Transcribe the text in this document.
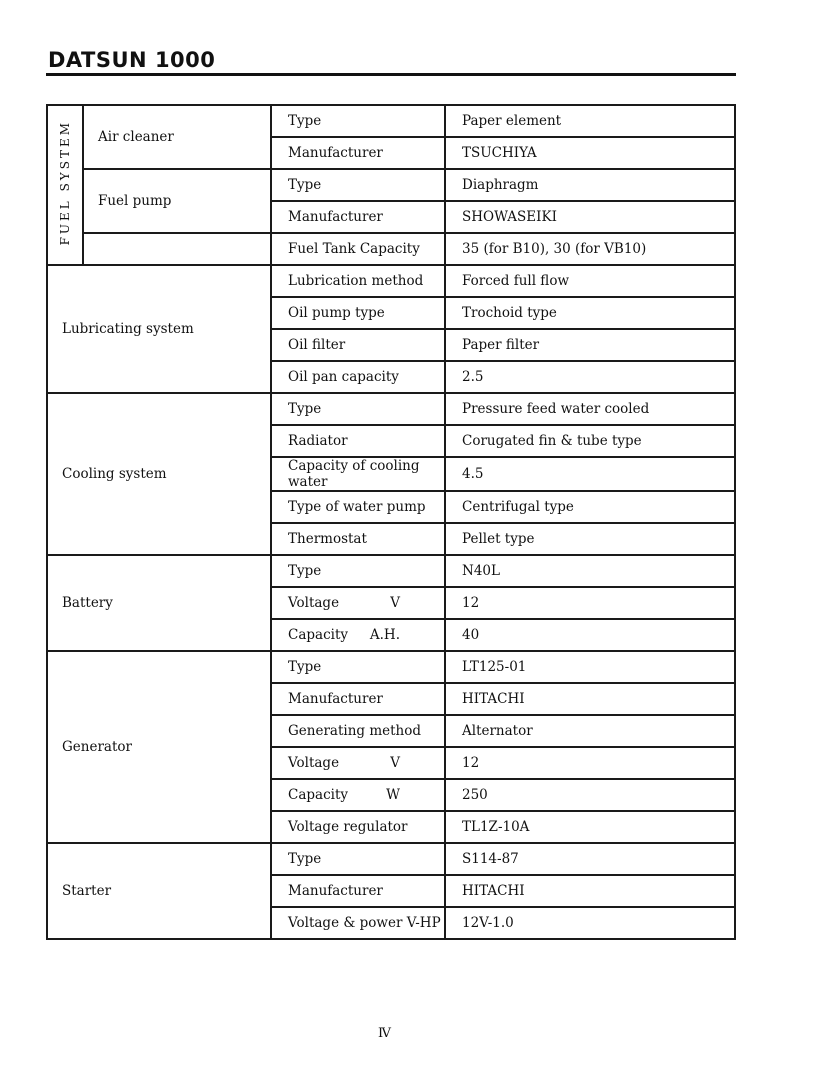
DATSUN 1000
FUEL SYSTEM	Air cleaner	Type	Paper element
		Manufacturer	TSUCHIYA
	Fuel pump	Type	Diaphragm
		Manufacturer	SHOWASEIKI
		Fuel Tank Capacity	35 (for B10), 30 (for VB10)
Lubricating system		Lubrication method	Forced full flow
		Oil pump type	Trochoid type
		Oil filter	Paper filter
		Oil pan capacity	2.5
Cooling system		Type	Pressure feed water cooled
		Radiator	Corugated fin & tube type
		Capacity of cooling water	4.5
		Type of water pump	Centrifugal type
		Thermostat	Pellet type
Battery		Type	N40L
		Voltage V	12
		Capacity A.H.	40
Generator		Type	LT125-01
		Manufacturer	HITACHI
		Generating method	Alternator
		Voltage V	12
		Capacity W	250
		Voltage regulator	TL1Z-10A
Starter		Type	S114-87
		Manufacturer	HITACHI
		Voltage & power V-HP	12V-1.0
Ⅳ
